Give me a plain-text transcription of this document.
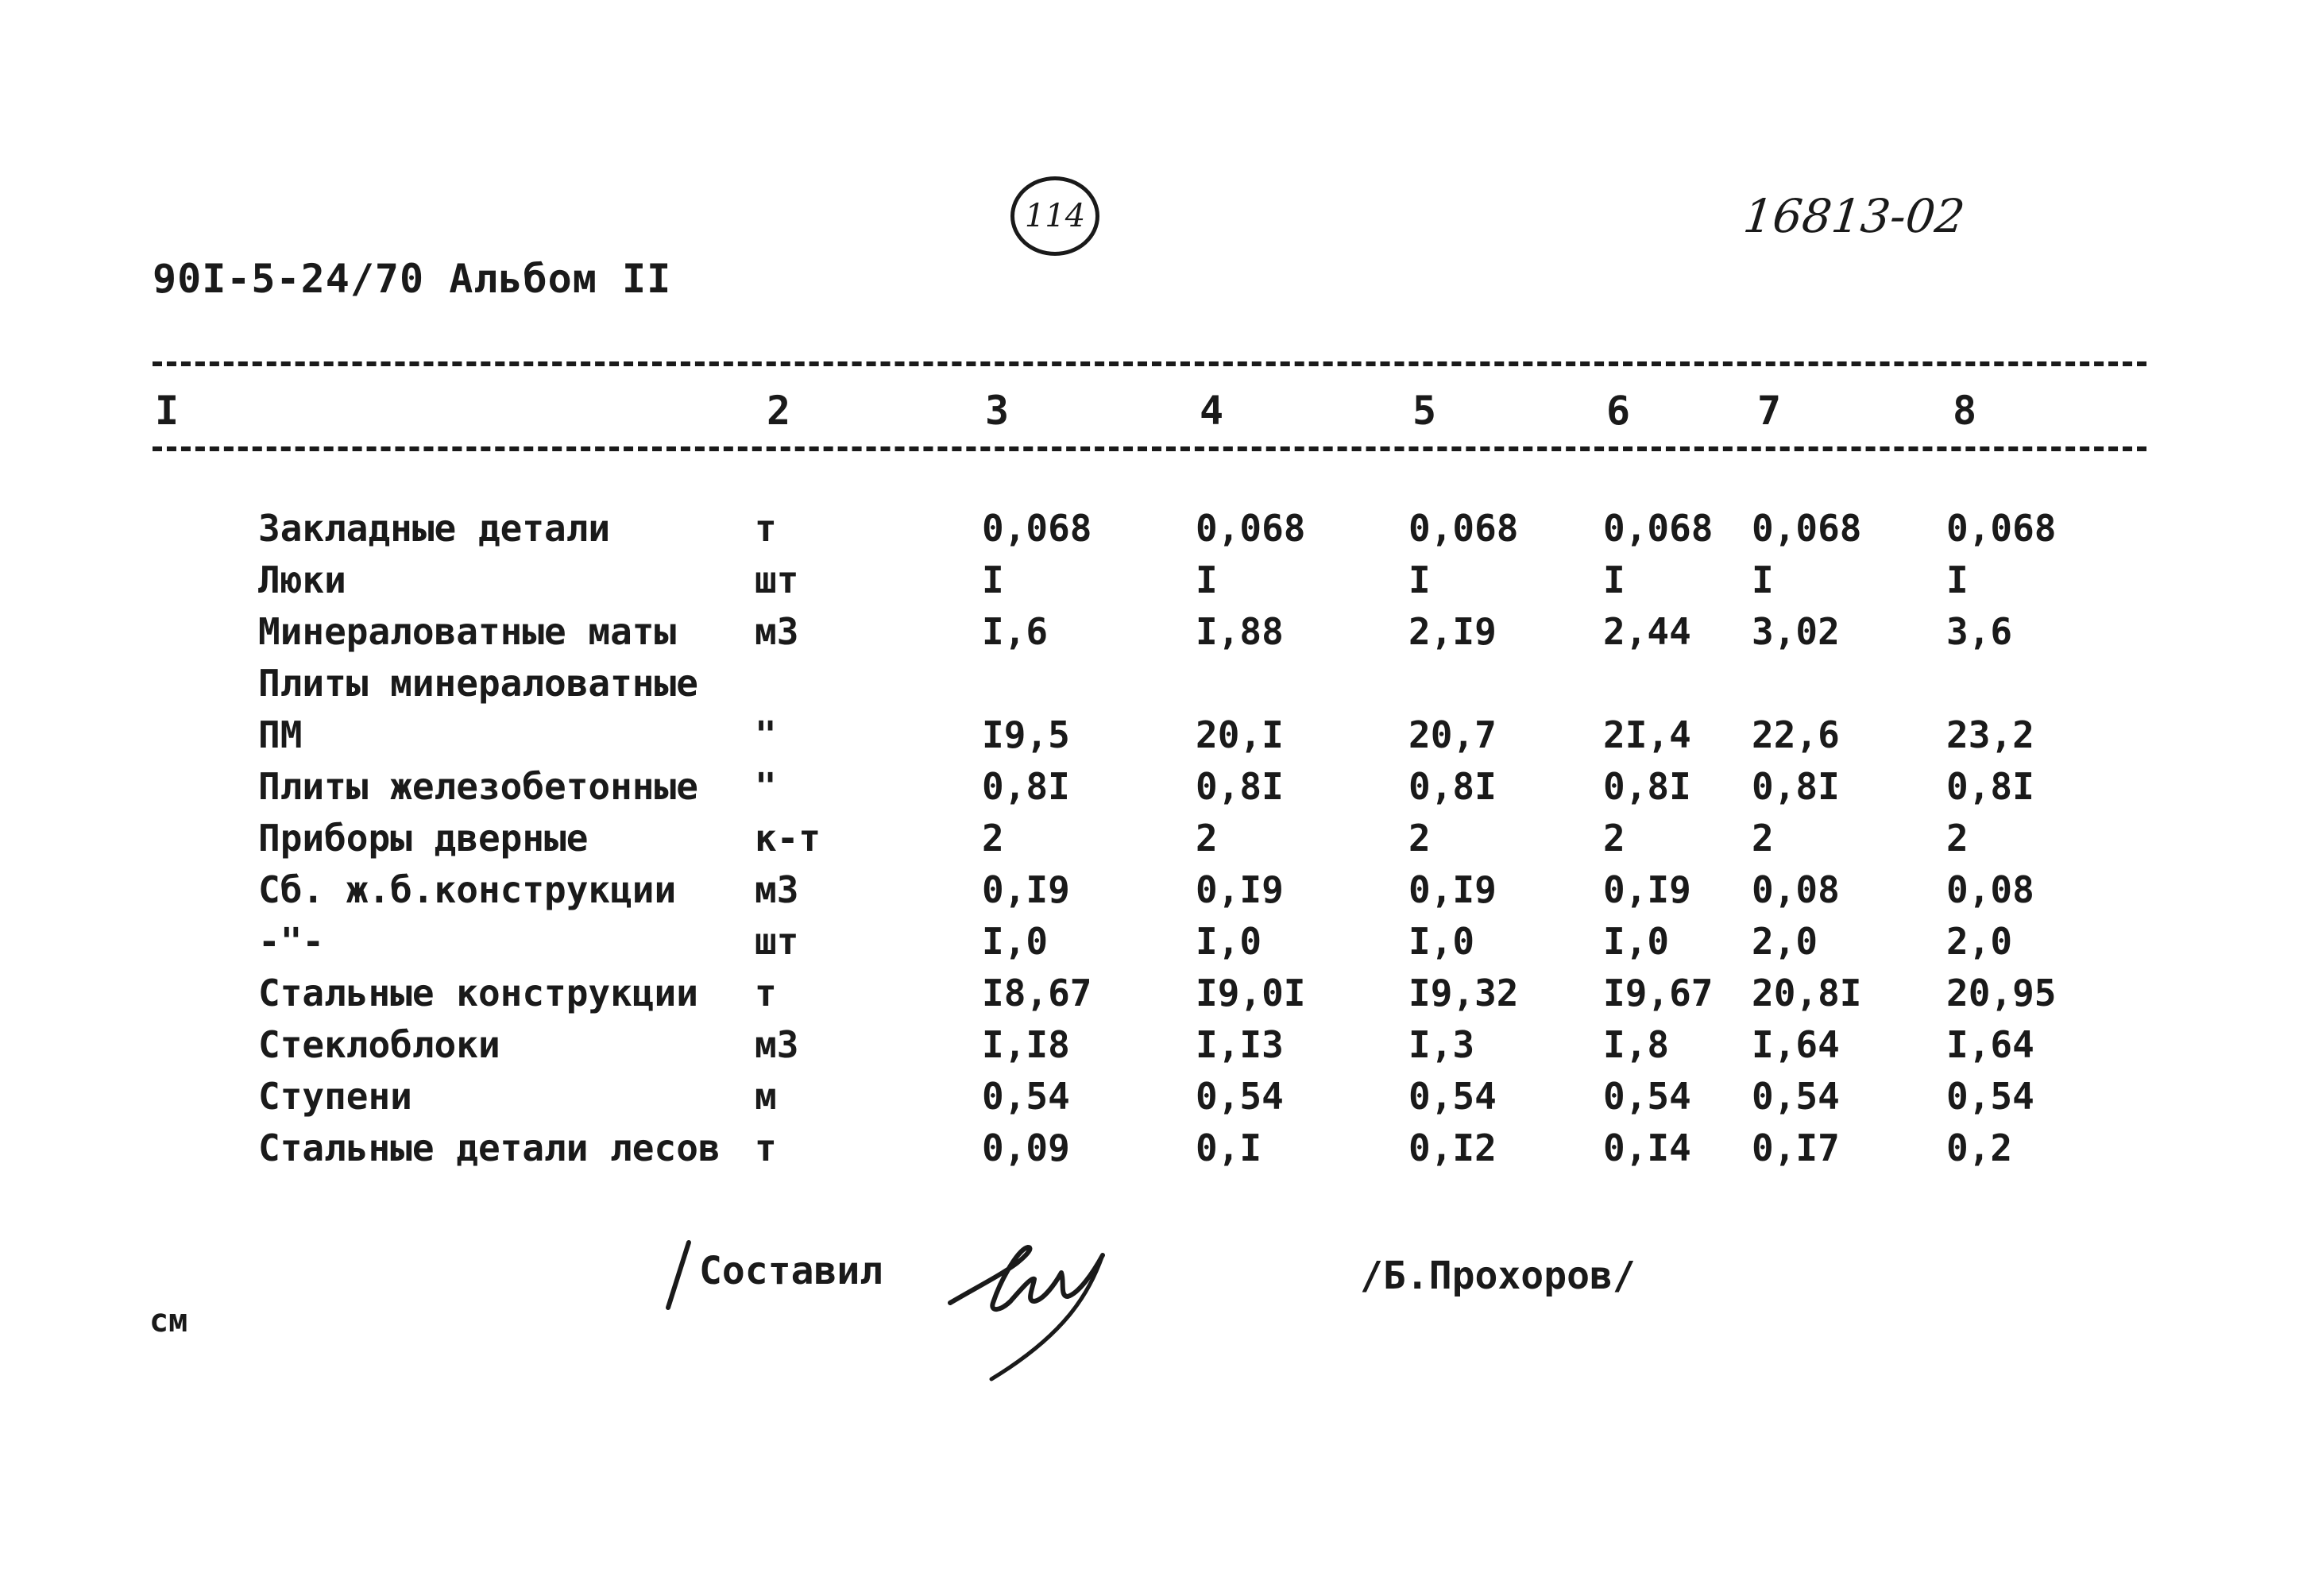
90I-5-24/70 Альбом II
114	16813-02
I	2	3	4	5	6	7	8
Закладные детали	т	0,068	0,068	0,068 0,068 0,068 0,068
Люки	шт	I	I	I	I	I	I
Минераловатные маты м3	I,6	I,88	2,I9	2,44 3,02	3,6
Плиты минераловатные
ПМ	"	I9,5	20,I	20,7	2I,4 22,6	23,2
Плиты железобетонные "	0,8I	0,8I	0,8I	0,8I 0,8I	0,8I
Приборы дверные	к-т	2	2	2	2	2	2
Сб. ж.б.конструкции м3	0,I9	0,I9	0,I9	0,I9 0,08	0,08
-"-	шт	I,0	I,0	I,0	I,0 2,0	2,0
Стальные конструкции т	I8,67	I9,0I	I9,32 I9,67 20,8I 20,95
Стеклоблоки	м3	I,I8	I,I3	I,3	I,8 I,64	I,64
Ступени	м	0,54	0,54	0,54	0,54 0,54	0,54
Стальные детали лесов т	0,09	0,I	0,I2	0,I4 0,I7	0,2
Составил	/Б.Прохоров/
см
